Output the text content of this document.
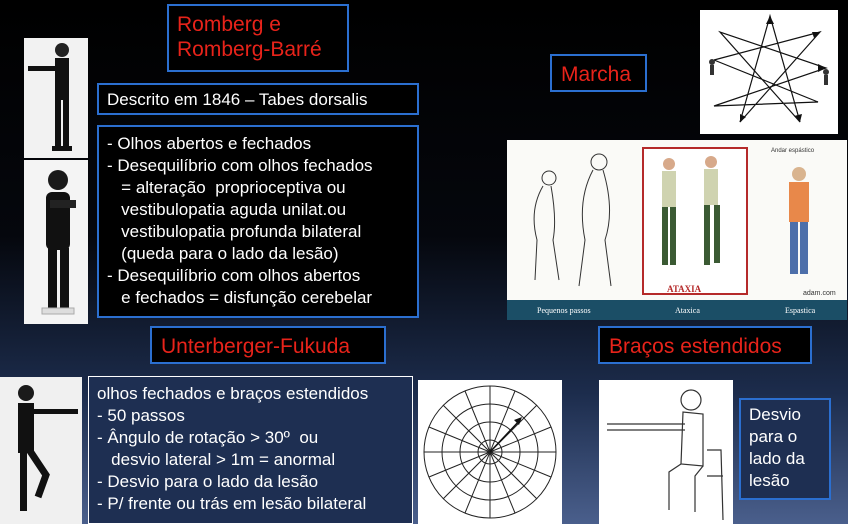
Romberg e
Romberg-Barré
Descrito em 1846 – Tabes dorsalis
- Olhos abertos e fechados
- Desequilíbrio com olhos fechados
= alteração  proprioceptiva ou
vestibulopatia aguda unilat.ou
vestibulopatia profunda bilateral
(queda para o lado da lesão)
- Desequilíbrio com olhos abertos
e fechados = disfunção cerebelar
Marcha
ATAXIA
Andar espástico
adam.com
Pequenos passos	Ataxica	Espastica
Unterberger-Fukuda	Braços estendidos
olhos fechados e braços estendidos
- 50 passos
- Ângulo de rotação > 30º  ou
desvio lateral > 1m = anormal
- Desvio para o lado da lesão
- P/ frente ou trás em lesão bilateral
Desvio
para o
lado da
lesão
